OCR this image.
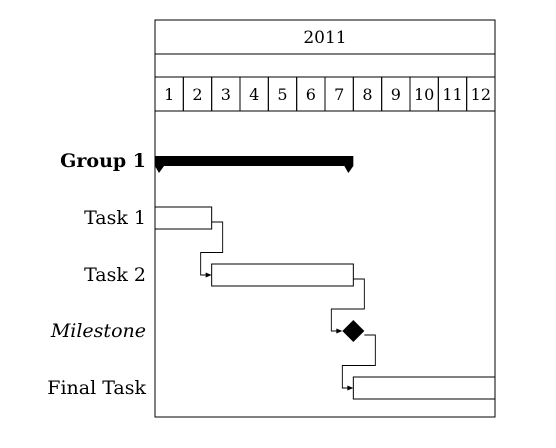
2011
1 2 3 4 5 6 7 8 9 10 11 12
Group 1
Task 1
Task 2
Milestone
Final Task
